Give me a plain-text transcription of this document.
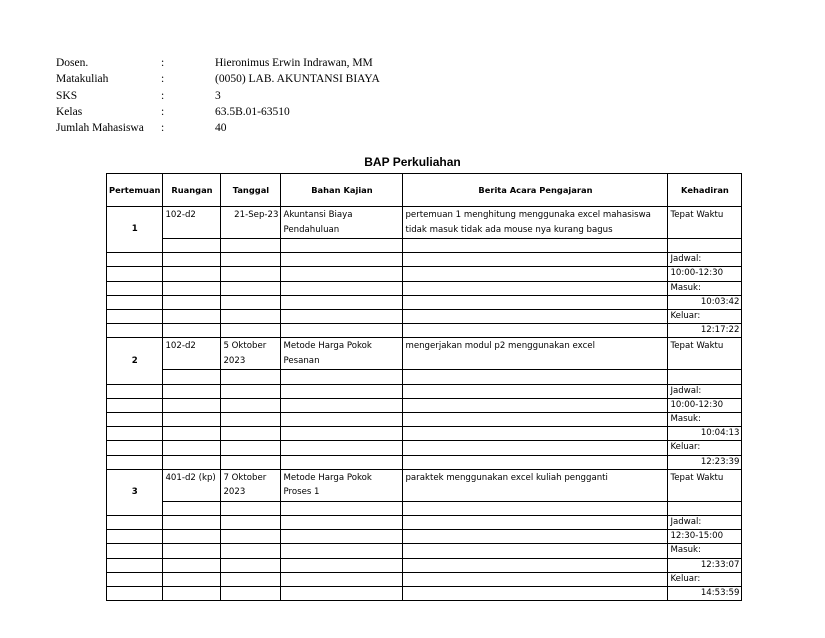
Dosen.	:	Hieronimus Erwin Indrawan, MM
Matakuliah	:	(0050) LAB. AKUNTANSI BIAYA
SKS	:	3
Kelas	:	63.5B.01-63510
Jumlah Mahasiswa :	40
BAP Perkuliahan
Pertemuan	Ruangan	Tanggal	Bahan Kajian	Berita Acara Pengajaran	Kehadiran
1	102-d2	21-Sep-23	Akuntansi Biaya Pendahuluan	pertemuan 1 menghitung menggunaka excel mahasiswa tidak masuk tidak ada mouse nya kurang bagus	Tepat Waktu

					Jadwal:
					10:00-12:30
					Masuk:
					10:03:42
					Keluar:
					12:17:22
2	102-d2	5 Oktober 2023	Metode Harga Pokok Pesanan	mengerjakan modul p2 menggunakan excel	Tepat Waktu

					Jadwal:
					10:00-12:30
					Masuk:
					10:04:13
					Keluar:
					12:23:39
3	401-d2 (kp)	7 Oktober 2023	Metode Harga Pokok Proses 1	paraktek menggunakan excel kuliah pengganti	Tepat Waktu

					Jadwal:
					12:30-15:00
					Masuk:
					12:33:07
					Keluar:
					14:53:59
